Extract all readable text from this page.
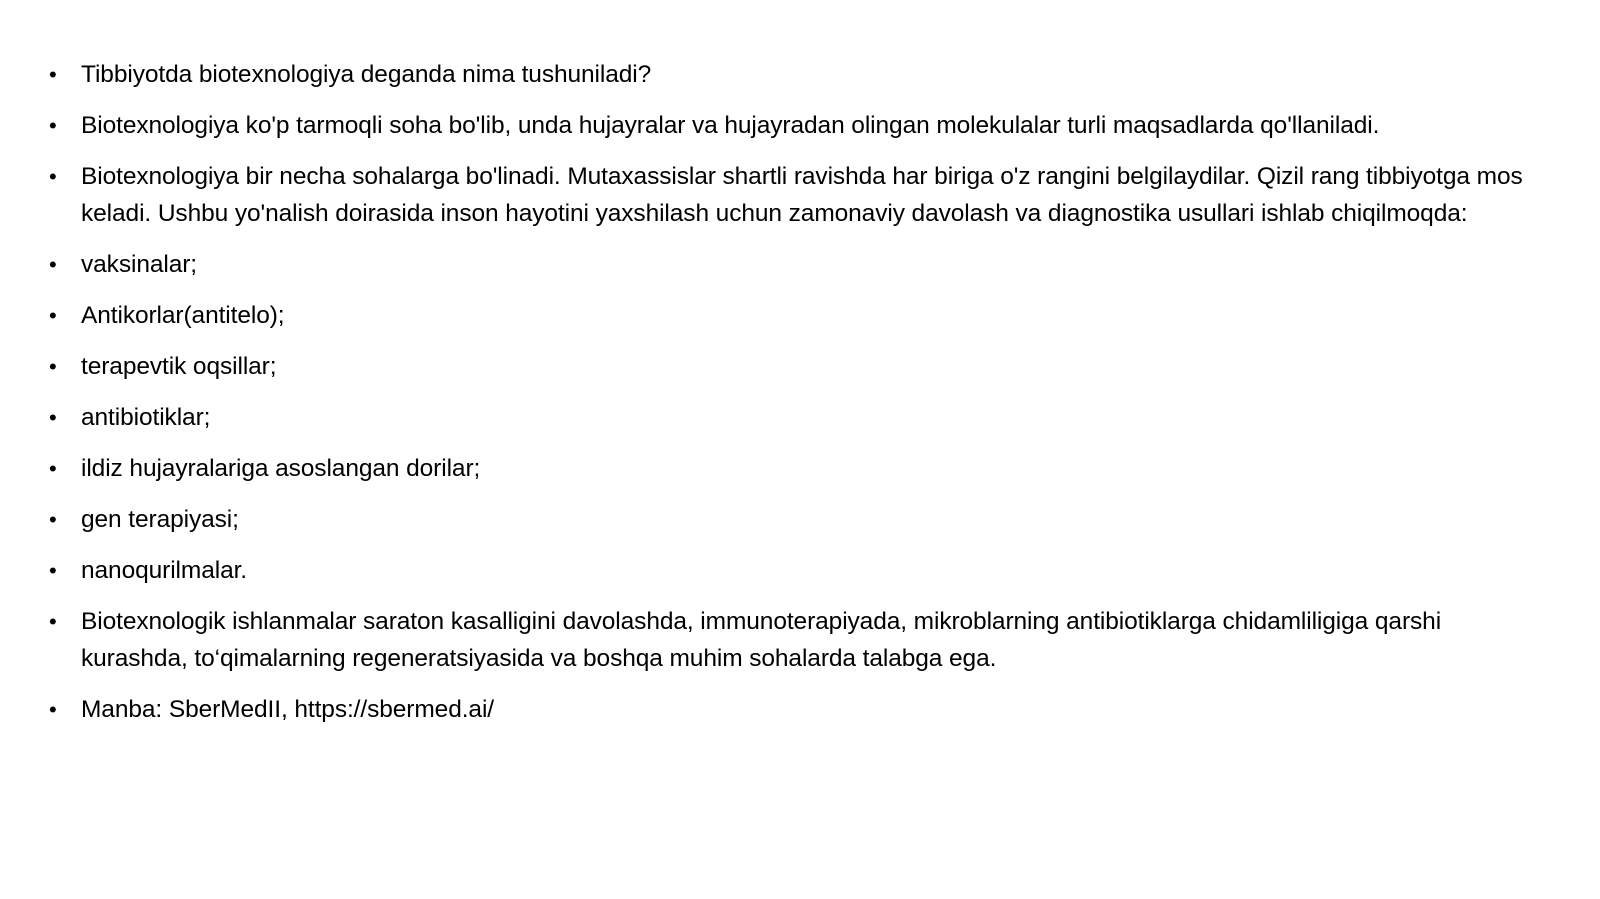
• Tibbiyotda biotexnologiya deganda nima tushuniladi?
• Biotexnologiya ko'p tarmoqli soha bo'lib, unda hujayralar va hujayradan olingan molekulalar turli maqsadlarda qo'llaniladi.
• Biotexnologiya bir necha sohalarga bo'linadi. Mutaxassislar shartli ravishda har biriga o'z rangini belgilaydilar. Qizil rang tibbiyotga mos keladi. Ushbu yo'nalish doirasida inson hayotini yaxshilash uchun zamonaviy davolash va diagnostika usullari ishlab chiqilmoqda:
• vaksinalar;
• Antikorlar(antitelo);
• terapevtik oqsillar;
• antibiotiklar;
• ildiz hujayralariga asoslangan dorilar;
• gen terapiyasi;
• nanoqurilmalar.
• Biotexnologik ishlanmalar saraton kasalligini davolashda, immunoterapiyada, mikroblarning antibiotiklarga chidamliligiga qarshi kurashda, to‘qimalarning regeneratsiyasida va boshqa muhim sohalarda talabga ega.
• Manba: SberMedII, https://sbermed.ai/
